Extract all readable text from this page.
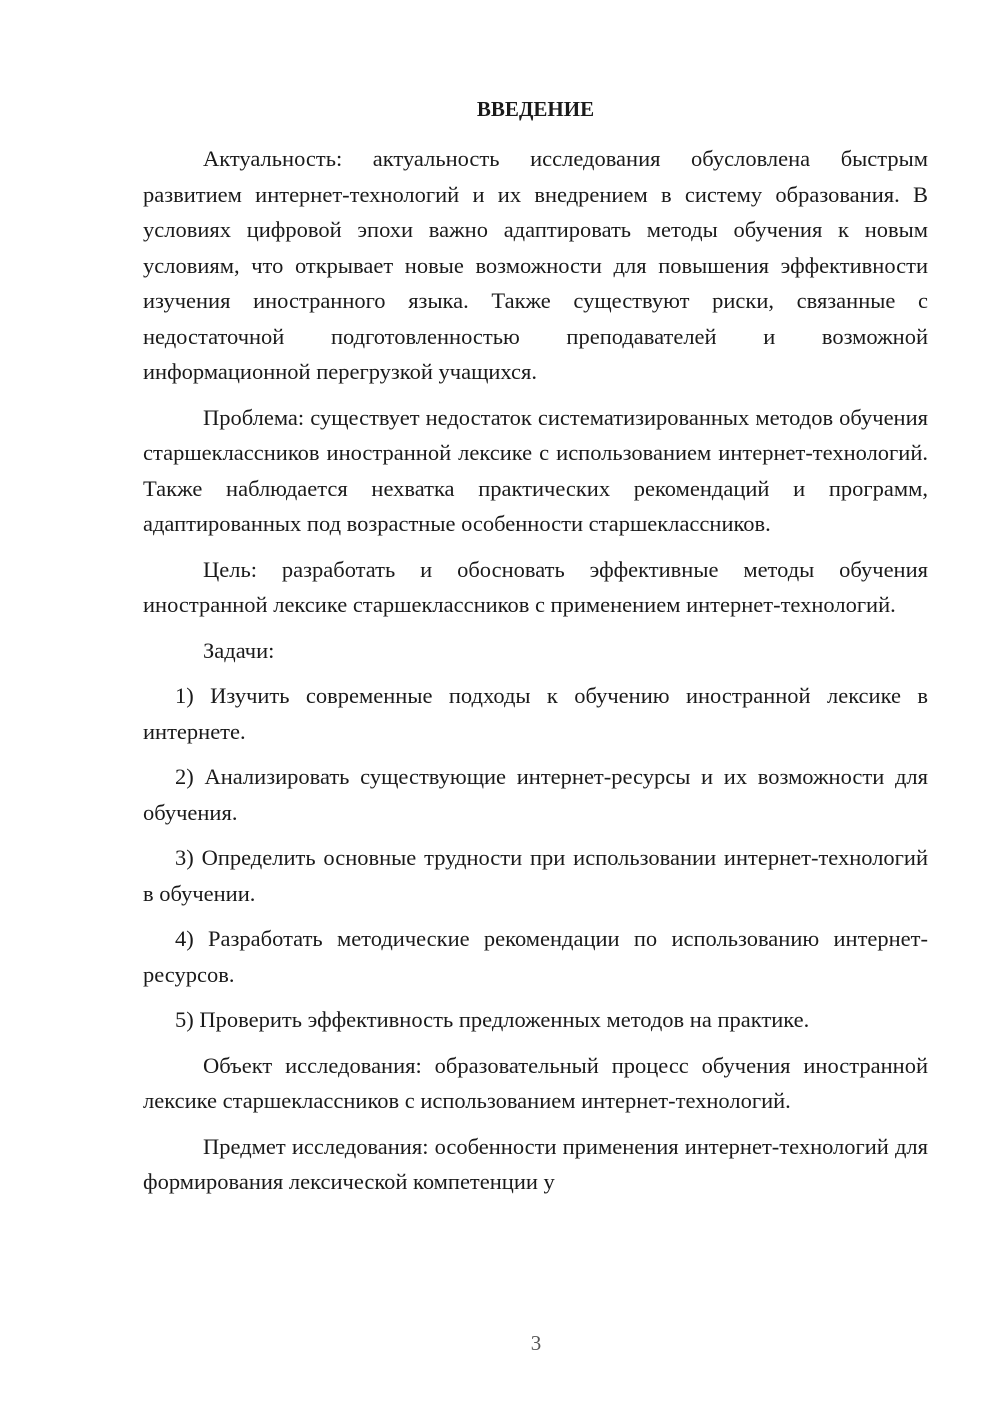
ВВЕДЕНИЕ

Актуальность: актуальность исследования обусловлена быстрым развитием интернет-технологий и их внедрением в систему образования. В условиях цифровой эпохи важно адаптировать методы обучения к новым условиям, что открывает новые возможности для повышения эффективности изучения иностранного языка. Также существуют риски, связанные с недостаточной подготовленностью преподавателей и возможной информационной перегрузкой учащихся.

Проблема: существует недостаток систематизированных методов обучения старшеклассников иностранной лексике с использованием интернет-технологий. Также наблюдается нехватка практических рекомендаций и программ, адаптированных под возрастные особенности старшеклассников.

Цель: разработать и обосновать эффективные методы обучения иностранной лексике старшеклассников с применением интернет-технологий.

Задачи:

1) Изучить современные подходы к обучению иностранной лексике в интернете.

2) Анализировать существующие интернет-ресурсы и их возможности для обучения.

3) Определить основные трудности при использовании интернет-технологий в обучении.

4) Разработать методические рекомендации по использованию интернет-ресурсов.

5) Проверить эффективность предложенных методов на практике.

Объект исследования: образовательный процесс обучения иностранной лексике старшеклассников с использованием интернет-технологий.

Предмет исследования: особенности применения интернет-технологий для формирования лексической компетенции у

3
